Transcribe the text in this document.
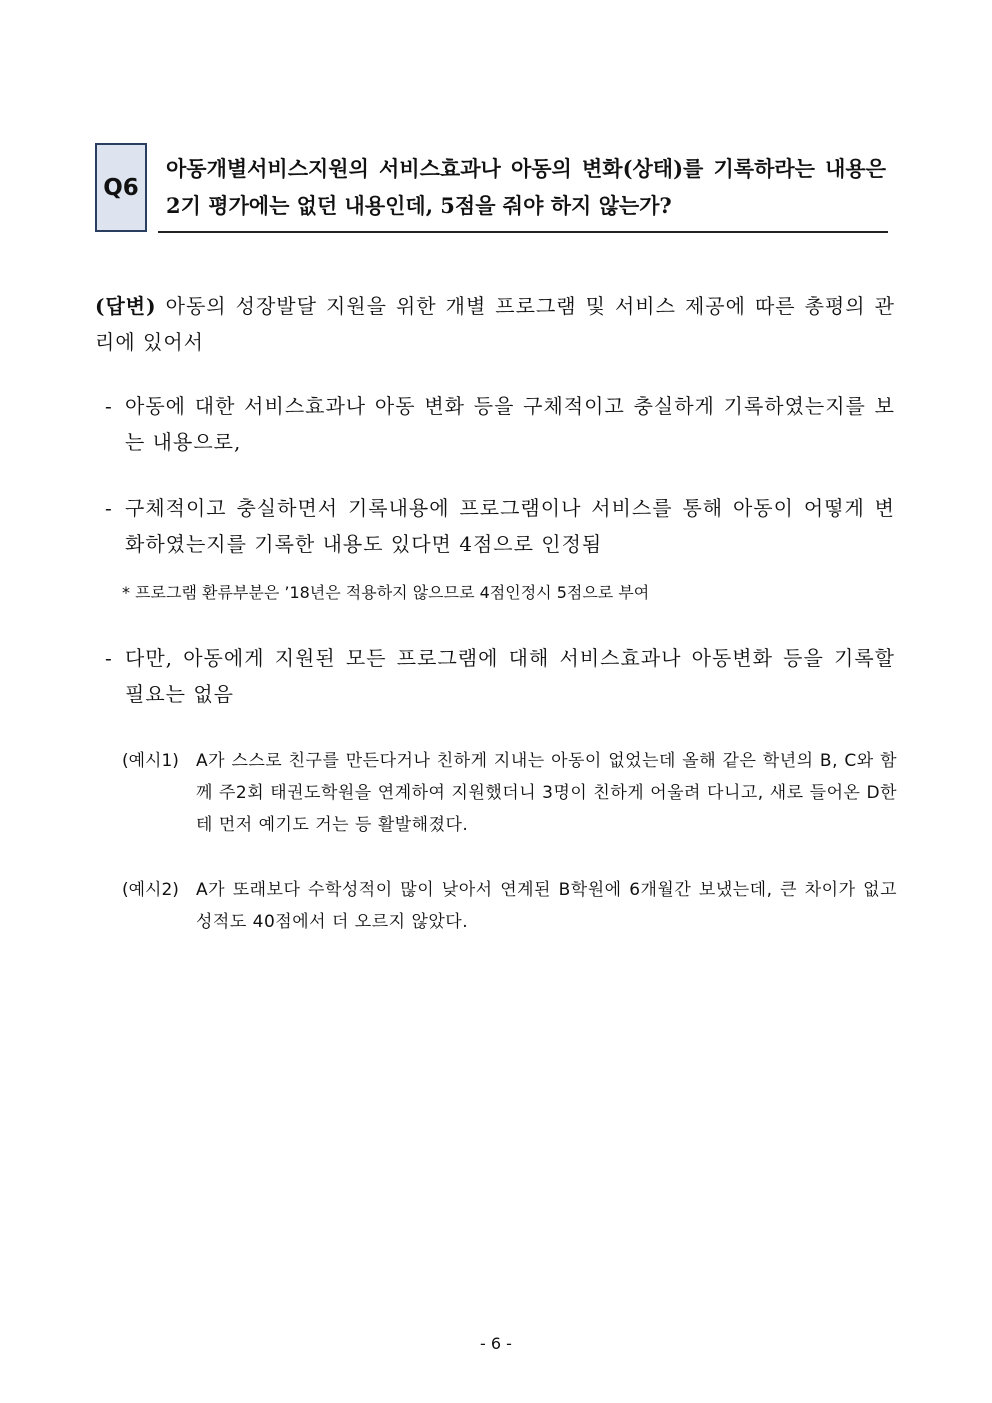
Q6
아동개별서비스지원의 서비스효과나 아동의 변화(상태)를 기록하라는 내용은 2기 평가에는 없던 내용인데, 5점을 줘야 하지 않는가?
(답변) 아동의 성장발달 지원을 위한 개별 프로그램 및 서비스 제공에 따른 총평의 관리에 있어서
- 아동에 대한 서비스효과나 아동 변화 등을 구체적이고 충실하게 기록하였는지를 보는 내용으로,
- 구체적이고 충실하면서 기록내용에 프로그램이나 서비스를 통해 아동이 어떻게 변화하였는지를 기록한 내용도 있다면 4점으로 인정됨
* 프로그램 환류부분은 ’18년은 적용하지 않으므로 4점인정시 5점으로 부여
- 다만, 아동에게 지원된 모든 프로그램에 대해 서비스효과나 아동변화 등을 기록할 필요는 없음
(예시1) A가 스스로 친구를 만든다거나 친하게 지내는 아동이 없었는데 올해 같은 학년의 B, C와 함께 주2회 태권도학원을 연계하여 지원했더니 3명이 친하게 어울려 다니고, 새로 들어온 D한테 먼저 예기도 거는 등 활발해졌다.
(예시2) A가 또래보다 수학성적이 많이 낮아서 연계된 B학원에 6개월간 보냈는데, 큰 차이가 없고 성적도 40점에서 더 오르지 않았다.
- 6 -
